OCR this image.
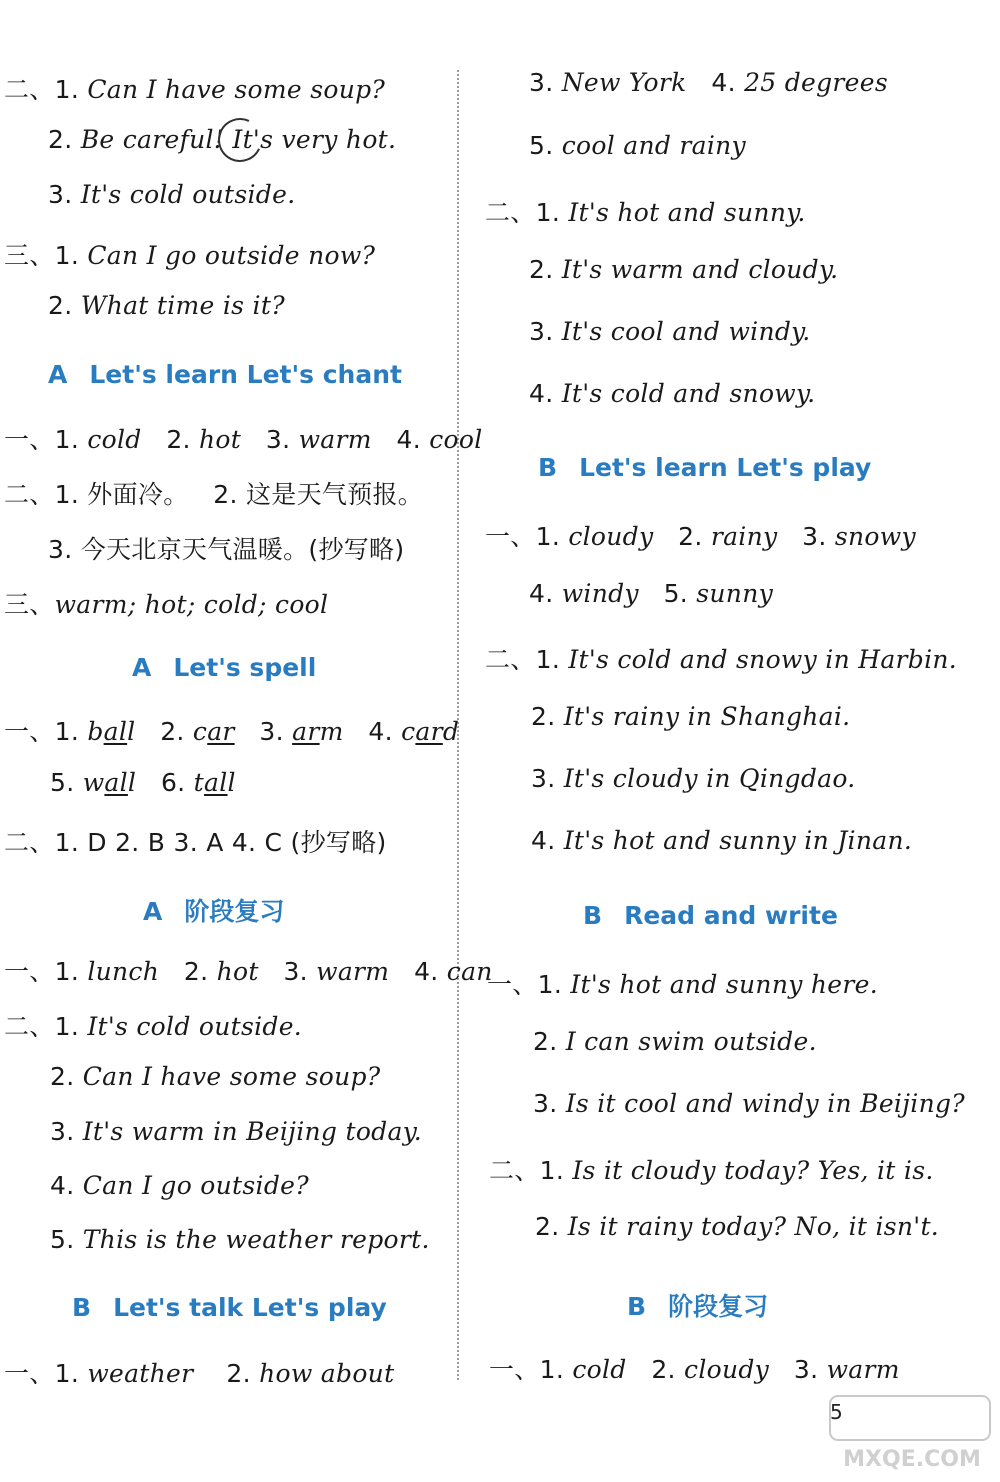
二、1. Can I have some soup?
2. Be careful! It's very hot.
3. It's cold outside.
三、1. Can I go outside now?
2. What time is it?
A Let's learn Let's chant
一、1. cold 2. hot 3. warm 4. cool
二、1. 外面冷。 2. 这是天气预报。
3. 今天北京天气温暖。(抄写略)
三、warm; hot; cold; cool
A Let's spell
一、1. ball 2. car 3. arm 4. card
5. wall 6. tall
二、1. D 2. B 3. A 4. C (抄写略)
A 阶段复习
一、1. lunch 2. hot 3. warm 4. can
二、1. It's cold outside.
2. Can I have some soup?
3. It's warm in Beijing today.
4. Can I go outside?
5. This is the weather report.
B Let's talk Let's play
一、1. weather 2. how about
3. New York 4. 25 degrees
5. cool and rainy
二、1. It's hot and sunny.
2. It's warm and cloudy.
3. It's cool and windy.
4. It's cold and snowy.
B Let's learn Let's play
一、1. cloudy 2. rainy 3. snowy
4. windy 5. sunny
二、1. It's cold and snowy in Harbin.
2. It's rainy in Shanghai.
3. It's cloudy in Qingdao.
4. It's hot and sunny in Jinan.
B Read and write
一、1. It's hot and sunny here.
2. I can swim outside.
3. Is it cool and windy in Beijing?
二、1. Is it cloudy today? Yes, it is.
2. Is it rainy today? No, it isn't.
B 阶段复习
一、1. cold 2. cloudy 3. warm
5
MXQE.COM
